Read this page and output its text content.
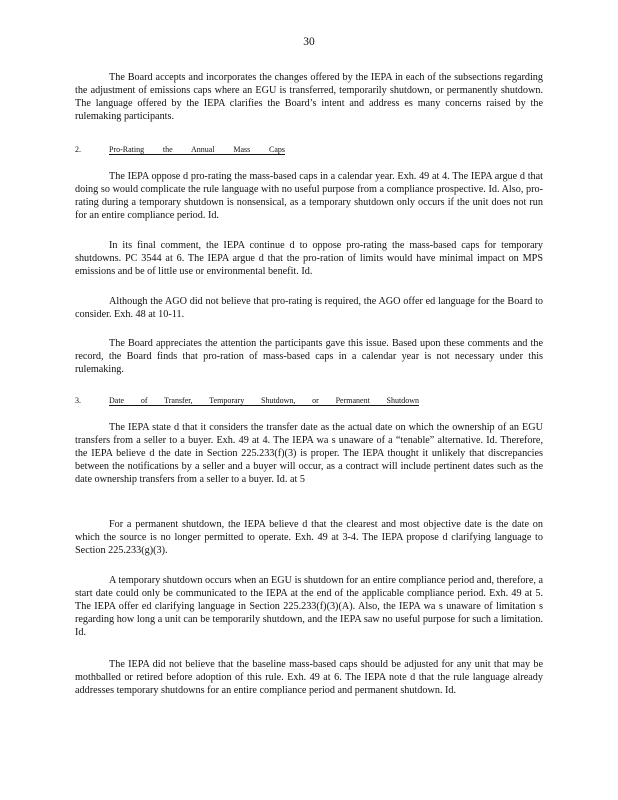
30

The Board accepts and incorporates the changes offered by the IEPA in each of the subsections regarding the adjustment of emissions caps where an EGU is transferred, temporarily shutdown, or permanently shutdown. The language offered by the IEPA clarifies the Board’s intent and address es many concerns raised by the rulemaking participants.

2.	Pro-Rating the Annual Mass Caps

The IEPA oppose d pro-rating the mass-based caps in a calendar year. Exh. 49 at 4. The IEPA argue d that doing so would complicate the rule language with no useful purpose from a compliance prospective. Id. Also, pro-rating during a temporary shutdown is nonsensical, as a temporary shutdown only occurs if the unit does not run for an entire compliance period. Id.

In its final comment, the IEPA continue d to oppose pro-rating the mass-based caps for temporary shutdowns. PC 3544 at 6. The IEPA argue d that the pro-ration of limits would have minimal impact on MPS emissions and be of little use or environmental benefit. Id.

Although the AGO did not believe that pro-rating is required, the AGO offer ed language for the Board to consider. Exh. 48 at 10-11.

The Board appreciates the attention the participants gave this issue. Based upon these comments and the record, the Board finds that pro-ration of mass-based caps in a calendar year is not necessary under this rulemaking.

3.	Date of Transfer, Temporary Shutdown, or Permanent Shutdown

The IEPA state d that it considers the transfer date as the actual date on which the ownership of an EGU transfers from a seller to a buyer. Exh. 49 at 4. The IEPA wa s unaware of a “tenable” alternative. Id. Therefore, the IEPA believe d the date in Section 225.233(f)(3) is proper. The IEPA thought it unlikely that discrepancies between the notifications by a seller and a buyer will occur, as a contract will include pertinent dates such as the date ownership transfers from a seller to a buyer. Id. at 5

For a permanent shutdown, the IEPA believe d that the clearest and most objective date is the date on which the source is no longer permitted to operate. Exh. 49 at 3-4. The IEPA propose d clarifying language to Section 225.233(g)(3).

A temporary shutdown occurs when an EGU is shutdown for an entire compliance period and, therefore, a start date could only be communicated to the IEPA at the end of the applicable compliance period. Exh. 49 at 5. The IEPA offer ed clarifying language in Section 225.233(f)(3)(A). Also, the IEPA wa s unaware of limitation s regarding how long a unit can be temporarily shutdown, and the IEPA saw no useful purpose for such a limitation. Id.

The IEPA did not believe that the baseline mass-based caps should be adjusted for any unit that may be mothballed or retired before adoption of this rule. Exh. 49 at 6. The IEPA note d that the rule language already addresses temporary shutdowns for an entire compliance period and permanent shutdown. Id.
